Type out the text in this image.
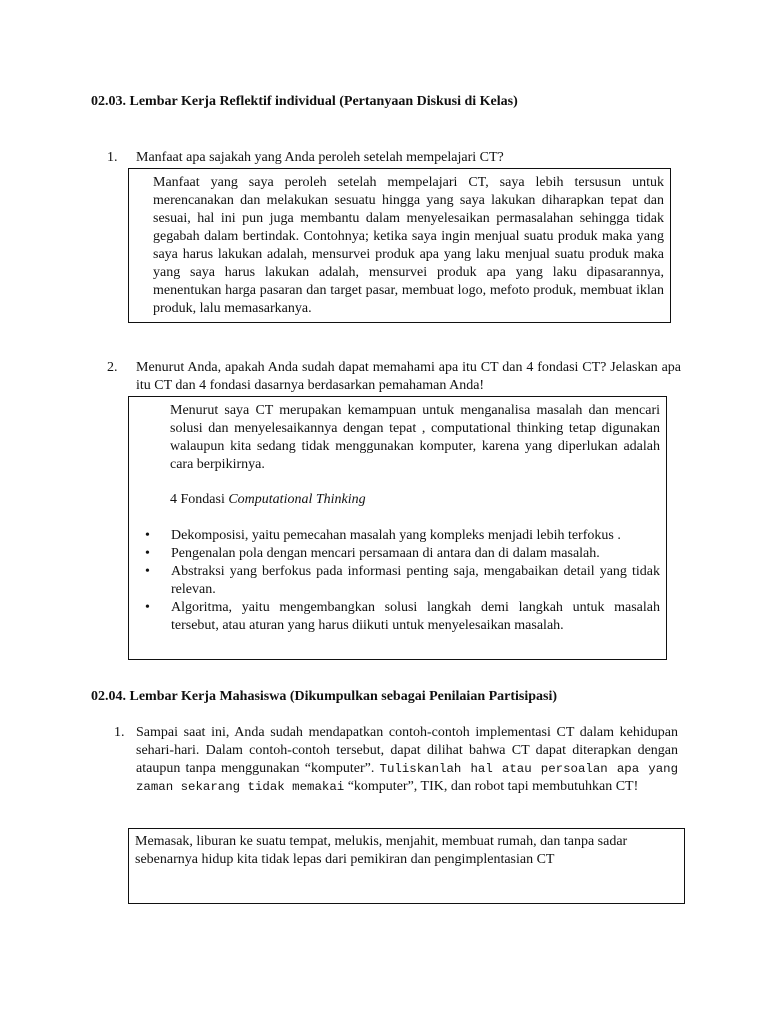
02.03. Lembar Kerja Reflektif individual (Pertanyaan Diskusi di Kelas)
1. Manfaat apa sajakah yang Anda peroleh setelah mempelajari CT?
Manfaat yang saya peroleh setelah mempelajari CT, saya lebih tersusun untuk merencanakan dan melakukan sesuatu hingga yang saya lakukan diharapkan tepat dan sesuai, hal ini pun juga membantu dalam menyelesaikan permasalahan sehingga tidak gegabah dalam bertindak. Contohnya; ketika saya ingin menjual suatu produk maka yang saya harus lakukan adalah, mensurvei produk apa yang laku menjual suatu produk maka yang saya harus lakukan adalah, mensurvei produk apa yang laku dipasarannya, menentukan harga pasaran dan target pasar, membuat logo, mefoto produk, membuat iklan produk, lalu memasarkanya.
2. Menurut Anda, apakah Anda sudah dapat memahami apa itu CT dan 4 fondasi CT? Jelaskan apa itu CT dan 4 fondasi dasarnya berdasarkan pemahaman Anda!
Menurut saya CT merupakan kemampuan untuk menganalisa masalah dan mencari solusi dan menyelesaikannya dengan tepat , computational thinking tetap digunakan walaupun kita sedang tidak menggunakan komputer, karena yang diperlukan adalah cara berpikirnya.
4 Fondasi Computational Thinking
• Dekomposisi, yaitu pemecahan masalah yang kompleks menjadi lebih terfokus .
• Pengenalan pola dengan mencari persamaan di antara dan di dalam masalah.
• Abstraksi yang berfokus pada informasi penting saja, mengabaikan detail yang tidak relevan.
• Algoritma, yaitu mengembangkan solusi langkah demi langkah untuk masalah tersebut, atau aturan yang harus diikuti untuk menyelesaikan masalah.
02.04. Lembar Kerja Mahasiswa (Dikumpulkan sebagai Penilaian Partisipasi)
1. Sampai saat ini, Anda sudah mendapatkan contoh-contoh implementasi CT dalam kehidupan sehari-hari. Dalam contoh-contoh tersebut, dapat dilihat bahwa CT dapat diterapkan dengan ataupun tanpa menggunakan “komputer”. Tuliskanlah hal atau persoalan apa yang zaman sekarang tidak memakai “komputer”, TIK, dan robot tapi membutuhkan CT!
Memasak, liburan ke suatu tempat, melukis, menjahit, membuat rumah, dan tanpa sadar sebenarnya hidup kita tidak lepas dari pemikiran dan pengimplentasian CT
